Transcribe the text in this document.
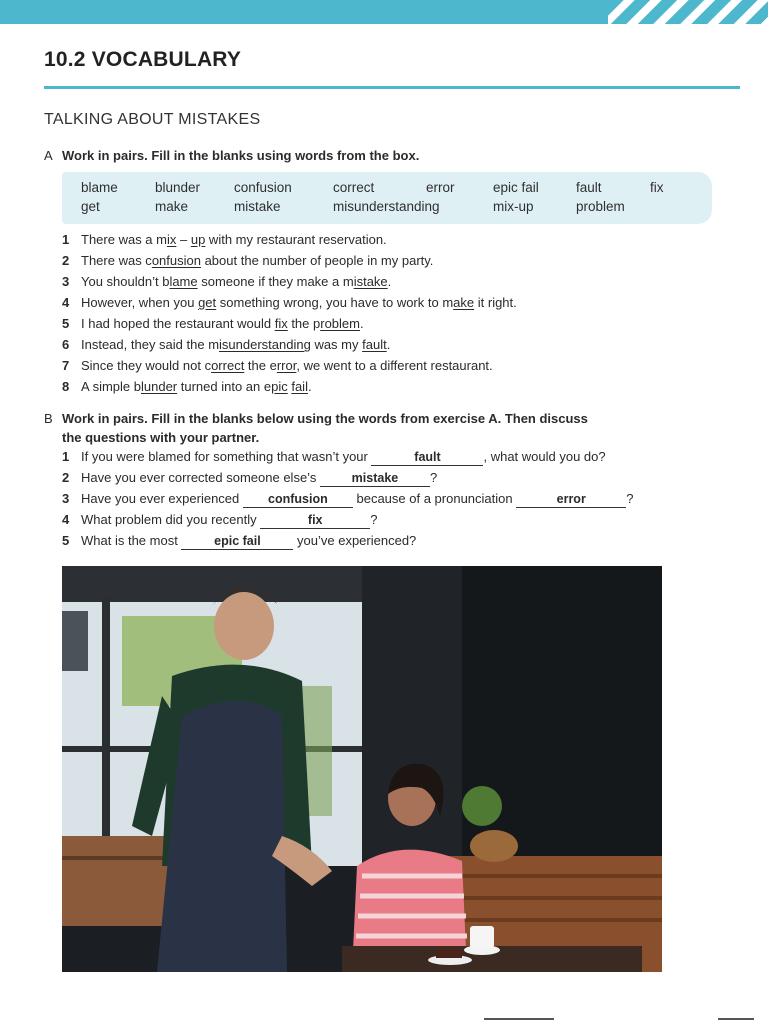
10.2 VOCABULARY
TALKING ABOUT MISTAKES
A Work in pairs. Fill in the blanks using words from the box.
blame	blunder	confusion	correct	error	epic fail	fault	fix
get	make	mistake	misunderstanding	mix-up	problem
1 There was a mix – up with my restaurant reservation.
2 There was confusion about the number of people in my party.
3 You shouldn’t blame someone if they make a mistake.
4 However, when you get something wrong, you have to work to make it right.
5 I had hoped the restaurant would fix the problem.
6 Instead, they said the misunderstanding was my fault.
7 Since they would not correct the error, we went to a different restaurant.
8 A simple blunder turned into an epic fail.
B Work in pairs. Fill in the blanks below using the words from exercise A. Then discuss
the questions with your partner.
1 If you were blamed for something that wasn’t your	fault	, what would you do?
2 Have you ever corrected someone else’s	mistake ?
3 Have you ever experienced confusion because of a pronunciation	error	?
4 What problem did you recently	fix	?
5 What is the most	epic fail	you’ve experienced?
